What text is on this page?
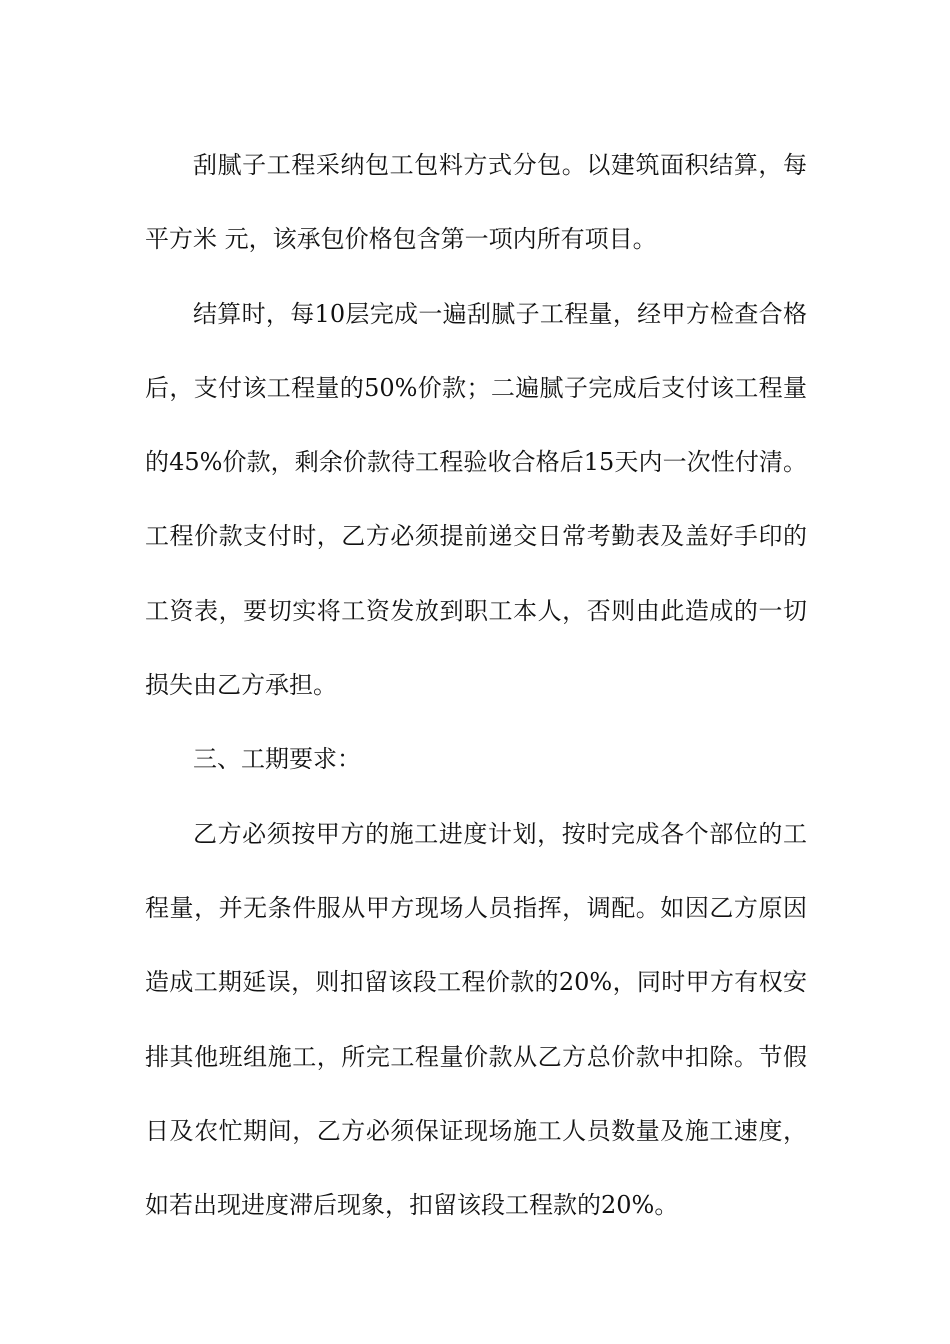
刮腻子工程采纳包工包料方式分包。以建筑面积结算，每平方米 元，该承包价格包含第一项内所有项目。

结算时，每10层完成一遍刮腻子工程量，经甲方检查合格后，支付该工程量的50%价款；二遍腻子完成后支付该工程量的45%价款，剩余价款待工程验收合格后15天内一次性付清。工程价款支付时，乙方必须提前递交日常考勤表及盖好手印的工资表，要切实将工资发放到职工本人，否则由此造成的一切损失由乙方承担。

三、工期要求：

乙方必须按甲方的施工进度计划，按时完成各个部位的工程量，并无条件服从甲方现场人员指挥，调配。如因乙方原因造成工期延误，则扣留该段工程价款的20%，同时甲方有权安排其他班组施工，所完工程量价款从乙方总价款中扣除。节假日及农忙期间，乙方必须保证现场施工人员数量及施工速度，如若出现进度滞后现象，扣留该段工程款的20%。
